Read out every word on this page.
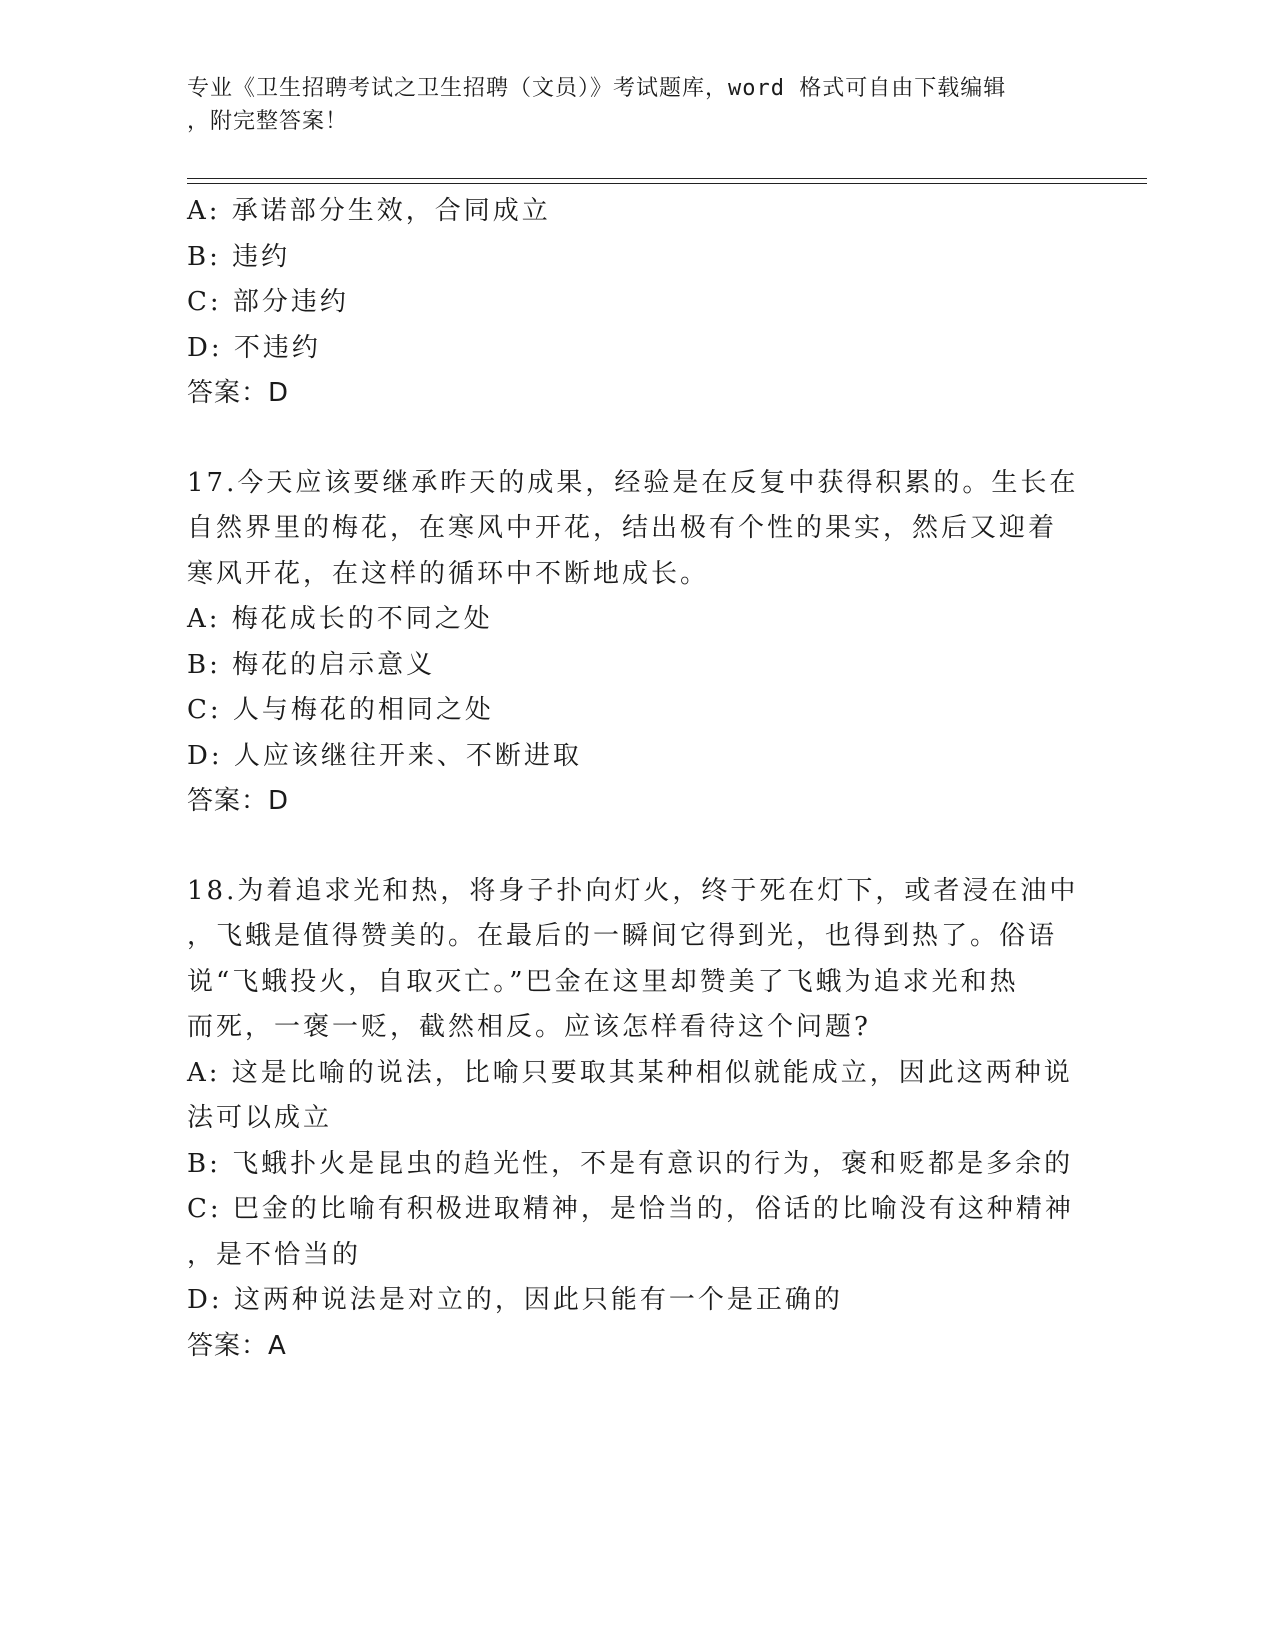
专业《卫生招聘考试之卫生招聘（文员）》考试题库，word 格式可自由下载编辑
，附完整答案！
A: 承诺部分生效，合同成立
B: 违约
C: 部分违约
D: 不违约
答案：D
17.今天应该要继承昨天的成果，经验是在反复中获得积累的。生长在
自然界里的梅花，在寒风中开花，结出极有个性的果实，然后又迎着
寒风开花，在这样的循环中不断地成长。
A: 梅花成长的不同之处
B: 梅花的启示意义
C: 人与梅花的相同之处
D: 人应该继往开来、不断进取
答案：D
18.为着追求光和热，将身子扑向灯火，终于死在灯下，或者浸在油中
，飞蛾是值得赞美的。在最后的一瞬间它得到光，也得到热了。俗语
说“飞蛾投火，自取灭亡。”巴金在这里却赞美了飞蛾为追求光和热
而死，一褒一贬，截然相反。应该怎样看待这个问题?
A: 这是比喻的说法，比喻只要取其某种相似就能成立，因此这两种说
法可以成立
B: 飞蛾扑火是昆虫的趋光性，不是有意识的行为，褒和贬都是多余的
C: 巴金的比喻有积极进取精神，是恰当的，俗话的比喻没有这种精神
，是不恰当的
D: 这两种说法是对立的，因此只能有一个是正确的
答案：A
